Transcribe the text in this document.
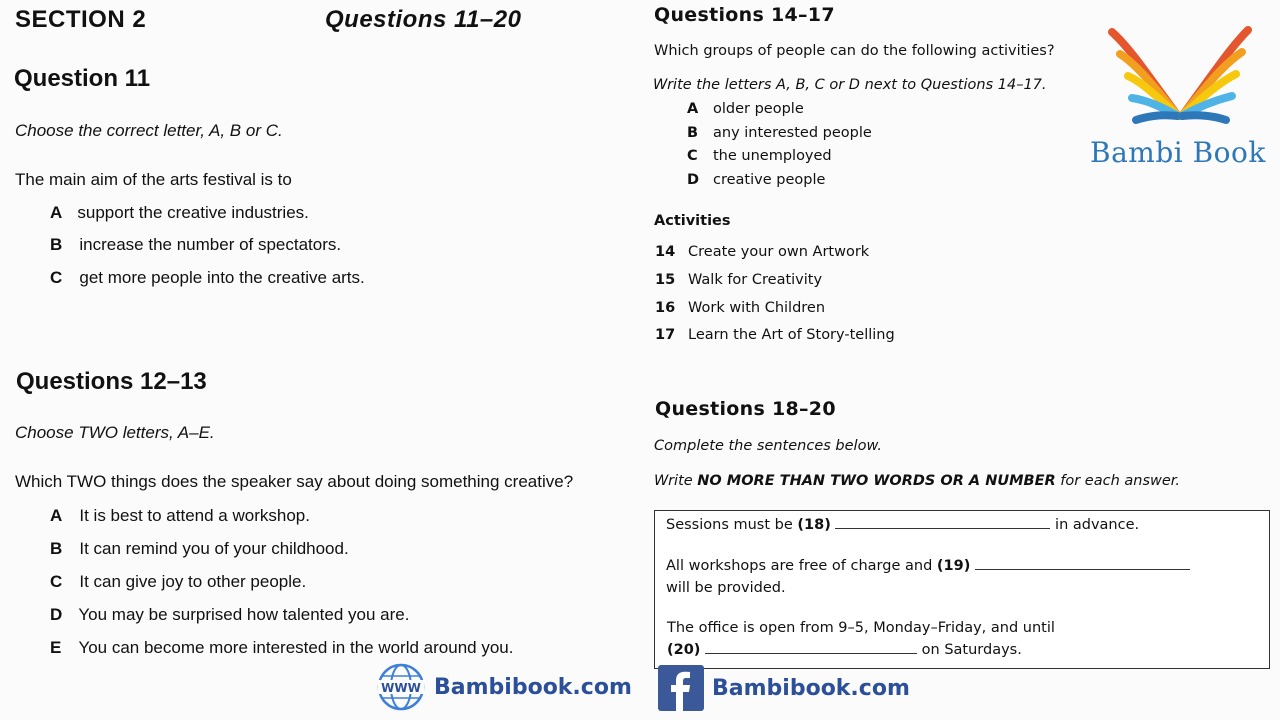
SECTION 2	Questions 11–20
Question 11
Choose the correct letter, A, B or C.
The main aim of the arts festival is to
A support the creative industries.
B increase the number of spectators.
C get more people into the creative arts.
Questions 12–13
Choose TWO letters, A–E.
Which TWO things does the speaker say about doing something creative?
A It is best to attend a workshop.
B It can remind you of your childhood.
C It can give joy to other people.
D You may be surprised how talented you are.
E You can become more interested in the world around you.
Questions 14–17
Which groups of people can do the following activities?
Write the letters A, B, C or D next to Questions 14–17.
A older people
B any interested people
C the unemployed
D creative people
Activities
14 Create your own Artwork
15 Walk for Creativity
16 Work with Children
17 Learn the Art of Story-telling
Questions 18–20
Complete the sentences below.
Write NO MORE THAN TWO WORDS OR A NUMBER for each answer.
Sessions must be (18)	in advance.
All workshops are free of charge and (19)
will be provided.
The office is open from 9–5, Monday–Friday, and until
(20)	on Saturdays.
Bambi Book
WWW Bambibook.com	Bambibook.com
